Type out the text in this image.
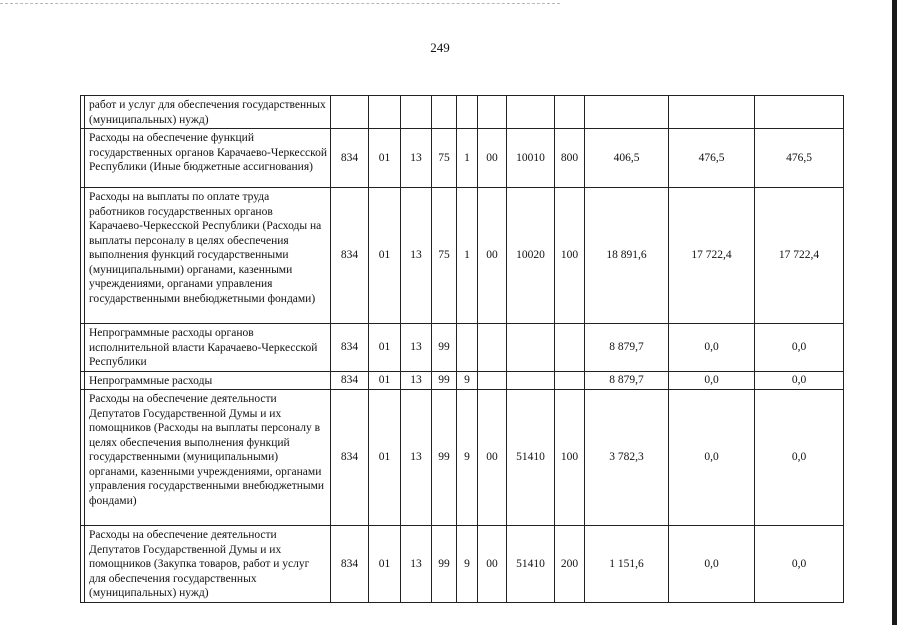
249
	работ и услуг для обеспечения государственных (муниципальных) нужд)											
	Расходы на обеспечение функций государственных органов Карачаево-Черкесской Республики (Иные бюджетные ассигнования)	834	01	13	75	1	00	10010	800	406,5	476,5	476,5
	Расходы на выплаты по оплате труда работников государственных органов Карачаево-Черкесской Республики (Расходы на выплаты персоналу в целях обеспечения выполнения функций государственными (муниципальными) органами, казенными учреждениями, органами управления государственными внебюджетными фондами)	834	01	13	75	1	00	10020	100	18 891,6	17 722,4	17 722,4
	Непрограммные расходы органов исполнительной власти Карачаево-Черкесской Республики	834	01	13	99					8 879,7	0,0	0,0
	Непрограммные расходы	834	01	13	99	9				8 879,7	0,0	0,0
	Расходы на обеспечение деятельности Депутатов Государственной Думы и их помощников (Расходы на выплаты персоналу в целях обеспечения выполнения функций государственными (муниципальными) органами, казенными учреждениями, органами управления государственными внебюджетными фондами)	834	01	13	99	9	00	51410	100	3 782,3	0,0	0,0
	Расходы на обеспечение деятельности Депутатов Государственной Думы и их помощников (Закупка товаров, работ и услуг для обеспечения государственных (муниципальных) нужд)	834	01	13	99	9	00	51410	200	1 151,6	0,0	0,0
